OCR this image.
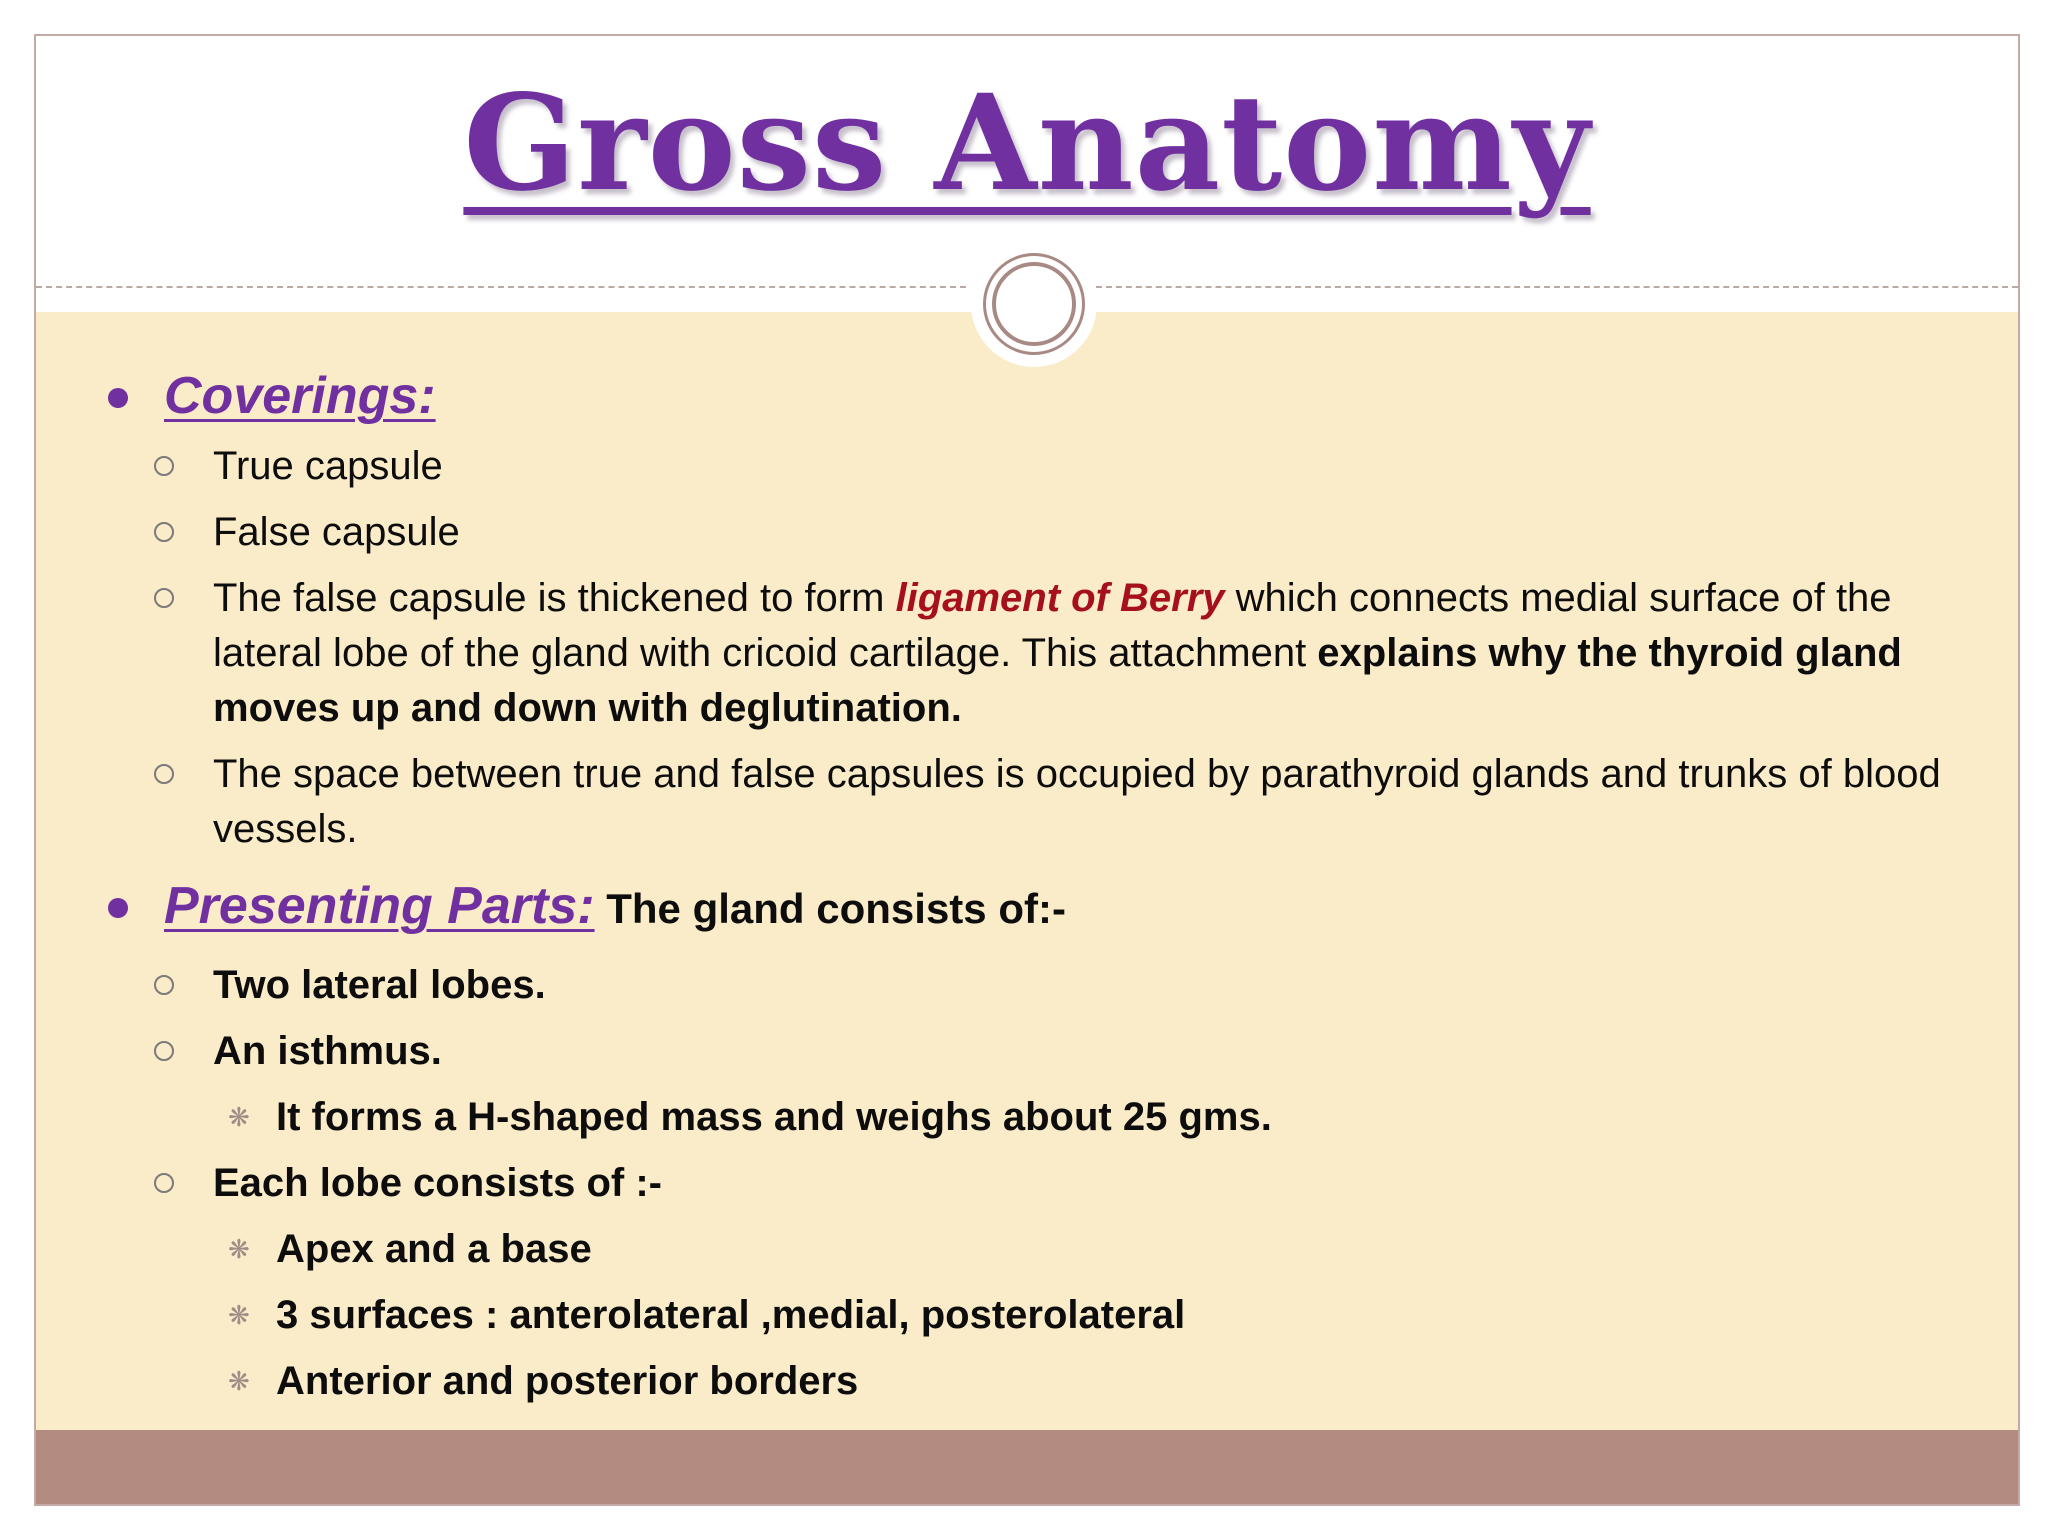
Gross Anatomy
Coverings:
True capsule
False capsule
The false capsule is thickened to form ligament of Berry which connects medial surface of the lateral lobe of the gland with cricoid cartilage. This attachment explains why the thyroid gland moves up and down with deglutination.
The space between true and false capsules is occupied by parathyroid glands and trunks of blood vessels.
Presenting Parts: The gland consists of:-
Two lateral lobes.
An isthmus.
❋ It forms a H-shaped mass and weighs about 25 gms.
Each lobe consists of :-
❋ Apex and a base
❋ 3 surfaces : anterolateral ,medial, posterolateral
❋ Anterior and posterior borders
